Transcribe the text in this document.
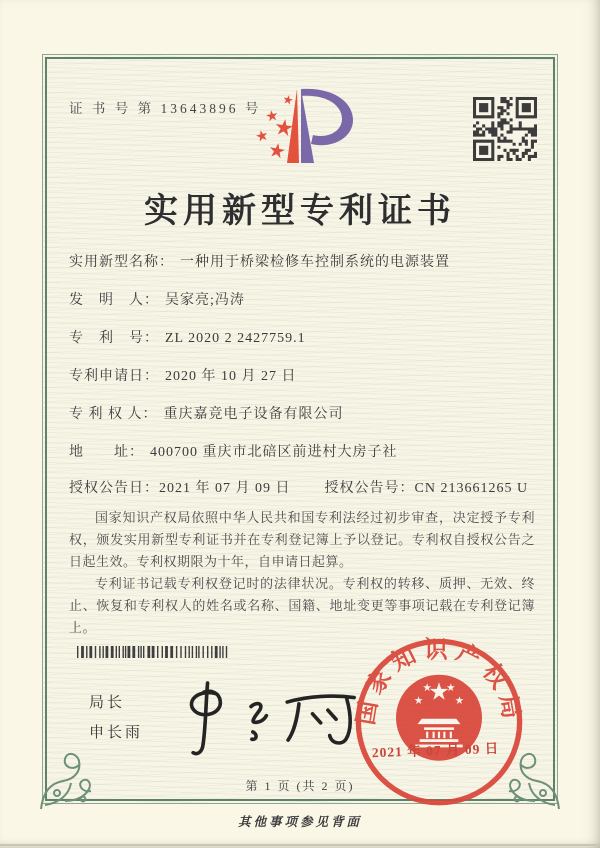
证 书 号 第 13643896 号
实用新型专利证书
实用新型名称： 一种用于桥梁检修车控制系统的电源装置
发　明　人： 吴家亮;冯涛
专　利　号： ZL 2020 2 2427759.1
专利申请日： 2020 年 10 月 27 日
专 利 权 人： 重庆嘉竞电子设备有限公司
地　　址： 400700 重庆市北碚区前进村大房子社
授权公告日：2021 年 07 月 09 日 授权公告号：CN 213661265 U

国家知识产权局依照中华人民共和国专利法经过初步审查，决定授予专利权，颁发实用新型专利证书并在专利登记簿上予以登记。专利权自授权公告之日起生效。专利权期限为十年，自申请日起算。

专利证书记载专利权登记时的法律状况。专利权的转移、质押、无效、终止、恢复和专利权人的姓名或名称、国籍、地址变更等事项记载在专利登记簿上。

局长
申长雨
国家知识产权局
2021 年 07 月 09 日
第 1 页 (共 2 页)
其他事项参见背面
